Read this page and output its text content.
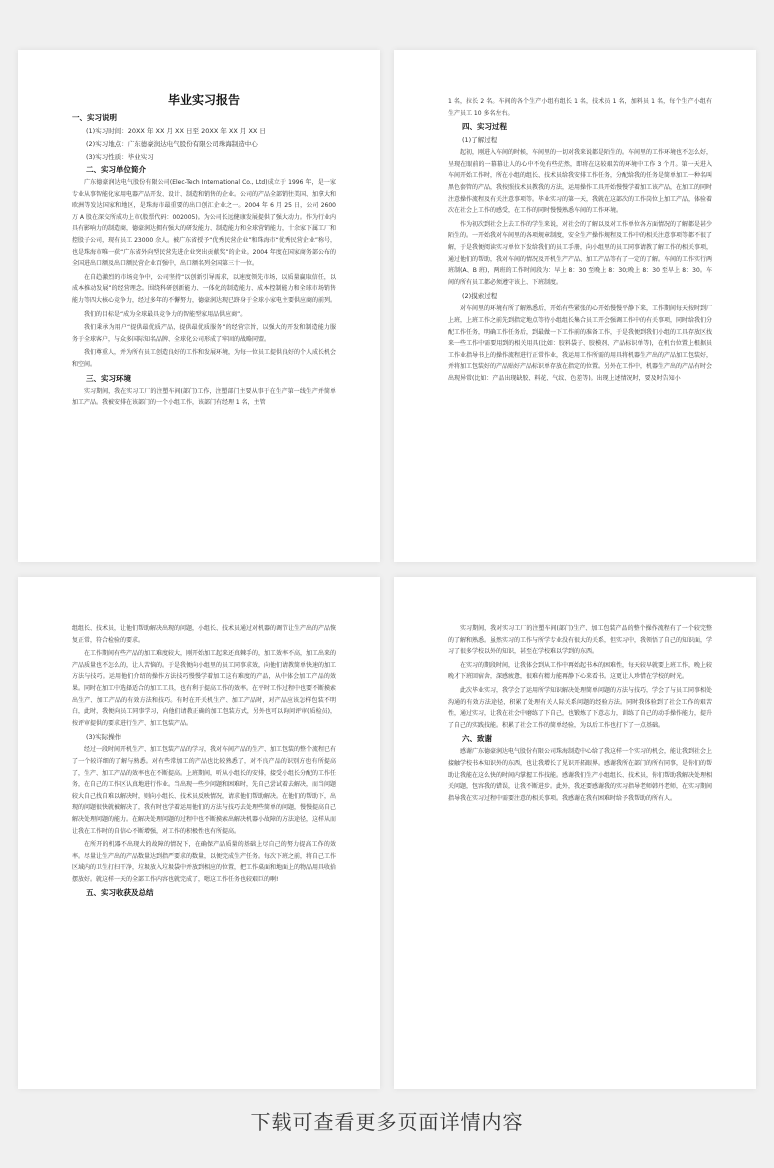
毕业实习报告
一、实习说明
(1)实习时间：20XX 年 XX 月 XX 日至 20XX 年 XX 月 XX 日
(2)实习地点：广东德豪润达电气股份有限公司珠海制造中心
(3)实习性质：毕业实习
二、实习单位简介
广东德豪润达电气股份有限公司(Elec-Tech International Co., Ltd)成立于 1996 年，是一家专业从事智能化家用电器产品开发、设计、制造和销售的企业。公司的产品全部销往美国、加拿大和欧洲等发达国家和地区，是珠海市最重要的出口创汇企业之一。2004 年 6 月 25 日，公司 2600 万 A 股在深交所成功上市(股票代码：002005)。为公司长远健康发展提供了强大动力。作为行业内具有影响力的制造商，德豪润达拥有强大的研发能力、制造能力和全球营销能力，十余家下属工厂和控股子公司，现有员工 23000 余人。被广东省授予“优秀民营企业”和珠海市“优秀民营企业”称号，也是珠海市唯一获“广东省外向型民营先进企业突出贡献奖”的企业。2004 年度在国家商务部公布的全国进出口额及出口额民营企业百强中，出口额名列全国第三十一位。
在自趋激烈的市场竞争中，公司坚持“以创新引导需求，以速度领先市场，以质量赢取信任，以成本推动发展”的经营理念。围绕科研创新能力、一体化的制造能力、成本控制能力和全球市场销售能力等四大核心竞争力，经过多年的不懈努力，德豪润达现已跻身于全球小家电主要供应商的前列。
我们的目标是“成为全球最具竞争力的智能型家用品供应商”。
我们秉承为用户“提供最优质产品，提供最优质服务”的经营宗旨，以强大的开发和制造能力服务于全球客户，与众多国际知名品牌、全球化公司形成了牢固的战略同盟。
我们尊重人，并为所有员工创造良好的工作和发展环境，为每一位员工提供良好的个人成长机会和空间。
三、实习环境
实习期间，我在实习工厂的注塑车间(部门)工作，注塑部门主要从事于在生产第一线生产并简单加工产品。我被安排在该部门的一个小组工作，该部门有经理 1 名，主管
1 名，拉长 2 名。车间的各个生产小组有组长 1 名，技术员 1 名，加料员 1 名，每个生产小组有生产员工 10 多名左右。
四、实习过程
(1)了解过程
起初，刚进入车间的时候，车间里的一切对我来说都是陌生的。车间里的工作环境也不怎么好，呈现在眼前的一幕幕让人的心中不免有些茫然，即将在这较艰苦的环境中工作 3 个月。第一天进入车间开始工作时，所在小组的组长、技术员给我安排工作任务，分配给我的任务是简单加工一种名叫黑色套管的产品，我按照技术员教我的方法，运用操作工具开始慢慢学着加工该产品，在加工的同时注意操作流程及有关注意事项等。毕业实习的第一天，我就在这部次的工作岗位上加工产品，体验着次在社会上工作的感受，在工作的同时慢慢熟悉车间的工作环境。
作为初次到社会上去工作的学生来说，对社会的了解以及对工作单位各方面情况的了解都是甚少陌生的。一开始我对车间里的各项规章制度，安全生产操作规程及工作中的相关注意事项等都不很了解，于是我便阅读实习单位下发给我们的员工手册，向小组里的员工同事请教了解工作的相关事项，通过他们的帮助，我对车间的情况及开机生产产品、加工产品等有了一定的了解。车间的工作实行两班制(A、B 班)，两班的工作时间段为：早上 8：30 至晚上 8：30;晚上 8：30 至早上 8：30。车间的所有员工都必须遵守该上、下班制度。
(2)摸索过程
对车间里的环境有所了解熟悉后，开始有些紧张的心开始慢慢平静下来，工作期间每天按时到厂上班，上班工作之前先到指定地点等待小组组长集合员工开会强调工作中的有关事项，同时给我们分配工作任务，明确工作任务后，到最做一下工作前的准备工作，于是我便到我们小组的工具存放区找来一些工作中需要用到的相关用具(比如：胶料袋子、胶模剂、产品标识单等)，在机台位置上根据员工作业指导书上的操作流程进行正常作业，我运用工作所需的用具将机器生产出的产品加工包装好，并将加工包装好的产品贴好产品标识单存放在指定的位置。另外在工作中，机器生产出的产品有时会出现异常(比如：产品出现缺胶、料花、气纹、色差等)。出现上述情况时，要及时告知小
组组长、技术员，让他们帮助解决出现的问题，小组长、技术员通过对机器的调节让生产出的产品恢复正常，符合检验的要求。
在工作期间有些产品的加工难度较大，刚开始加工起来还真棘手的，加工效率不高，加工出来的产品质量也不怎么的，让人苦恼的。于是我便向小组里的员工同事求效，向他们请教简单快速的加工方法与技巧。运用他们介绍的操作方法技巧慢慢学着加工这有难度的产品，从中体会加工产品的效果。同时在加工中选择适合的加工工具，也有利于提高工作的效率。在平时工作过程中也要不断摸索出生产、加工产品的有效方法和技巧。有时在开关机生产、加工产品时，对产品应该怎样包装不明白，此时，我便向员工同事学习，向他们请教正确的加工包装方式，另外也可以询问评审(质检员)，按评审提供的要求进行生产、加工包装产品。
(3)实际操作
经过一段时间开机生产、加工包装产品的学习，我对车间产品的生产、加工包装的整个流程已有了一个较详细的了解与熟悉。对有些常加工的产品也比较熟悉了，对不良产品的识别方也有所提高了，生产、加工产品的效率也在不断提高。上班期间，听从小组长的安排，接受小组长分配的工作任务，在自己的工作区认真地进行作业。当出现一些少问题和困难时，先自己尝试着去解决，而当问题较大自己找自难以解决时，则向小组长、技术员反映情况，请求他们帮助解决。在他们的帮助下，出现的问题很快就被解决了，我有时也学着运用他们的方法与技巧去处理些简单的问题，慢慢提高自己解决处理问题的能力。在解决处理问题的过程中也不断摸索出解决机器小故障的方法途径，这样从而让我在工作时的自信心不断增强，对工作的积极性也有所提高。
在所开的机器不出现大的故障的情况下，在确保产品质量的基础上尽自己的努力提高工作的效率。尽量让生产出的产品数量达到指严要求的数量，以便完成生产任务。每次下班之前，将自己工作区域内的卫生打扫干净，垃圾放入垃圾袋中并放到相应的位置，把工作桌面和地面上的物品用具收拾摆放好。就这样一天的全部工作内容也就完成了，嗯这工作任务也较艰巨的啊!
五、实习收获及总结
实习期间，我对实习工厂的注塑车间(部门)生产、加工包装产品的整个操作流程有了一个较完整的了解和熟悉。虽然实习的工作与所学专业没有很大的关系，但实习中，我领悟了自己的知识面，学习了很多学校以外的知识，甚至在学校难以学到的东西。
在实习的期段时间，让我体会到从工作中再始起书本的困难性，每天较早就要上班工作，晚上较晚才下班回宿舍，深感疲惫，很难有精力能再静下心来看书。这更让人珍惜在学校的时光。
此次毕业实习，我学会了运用所学知识解决处理简单问题的方法与技巧，学会了与员工同事相处沟通的有效方法途径，积累了处理有关人际关系问题的经验方法。同时我体验到了社会工作的艰苦性，通过实习，让我在社会中磨练了下自己，也锻炼了下意志力，训练了自己的动手操作能力，提升了自己的实践技能。积累了社会工作的简单经验，为以后工作也打下了一点基础。
六、致谢
感谢广东德豪润达电气股份有限公司珠海制造中心给了我这样一个实习的机会，能让我到社会上接触学校书本知识外的东西，也让我增长了见识开拓眼界。感谢我所在部门的所有同事，是你们的帮助让我能在这么快的时间内掌握工作技能。感谢我们生产小组组长、技术员，你们帮助我解决处理相关问题，包容我的错误，让我不断进步。此外，我还要感谢我的实习指导老师韩丹老师，在实习期间指导我在实习过程中需要注意的相关事项。我感谢在我有困难时给予我帮助的所有人。
下载可查看更多页面详情内容
